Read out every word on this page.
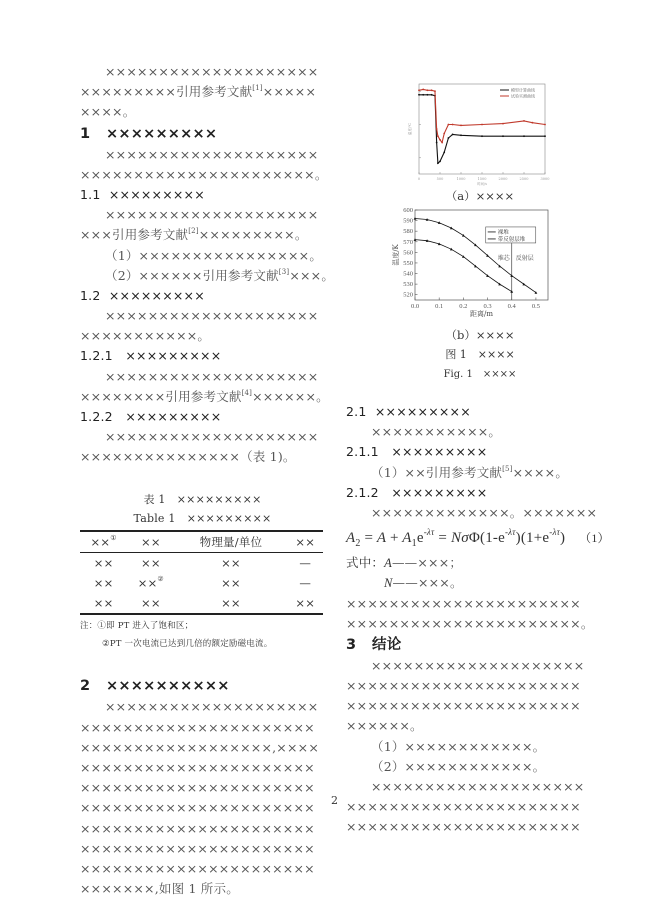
××××××××××××××××××××
×××××××××引用参考文献[1]×××××
××××。
1 ×××××××××
××××××××××××××××××××
××××××××××××××××××××××。
1.1 ×××××××××
××××××××××××××××××××
×××引用参考文献[2]×××××××××。
（1）××××××××××××××××。
（2）××××××引用参考文献[3]×××。
1.2 ×××××××××
××××××××××××××××××××
×××××××××××。
1.2.1 ×××××××××
××××××××××××××××××××
××××××××引用参考文献[4]××××××。
1.2.2 ×××××××××
××××××××××××××××××××
×××××××××××××××（表 1)。
表 1　×××××××××
Table 1　×××××××××
××①	××	物理量/单位	××
××	××	××	—
××	××②	××	—
××	××	××	××
注：①即 PT 进入了饱和区；
②PT 一次电流已达到几倍的额定励磁电流。
2 ××××××××××
××××××××××××××××××××
××××××××××××××××××××××
××××××××××××××××××,××××
××××××××××××××××××××××
××××××××××××××××××××××
××××××××××××××××××××××
××××××××××××××××××××××
××××××××××××××××××××××
××××××××××××××××××××××
×××××××,如图 1 所示。
0	500	1000	1500	2000	2500	3000
时间/s
温度/℃
模型计算曲线
试验实测曲线
（a）××××
0.0 0.1 0.2 0.3 0.4 0.5
520
530
540
550
560
570
580
590
600
距离/m
温度/K	堆芯 反射层
裸堆
带反射层堆
（b）××××
图 1　××××
Fig. 1　××××
2.1 ×××××××××
×××××××××××。
2.1.1 ×××××××××
（1）××引用参考文献[5]××××。
2.1.2 ×××××××××
×××××××××××××。×××××××
$A_2 = A + A_1e^{-\lambda\tau} = N\sigma\Phi(1-e^{-\lambda\tau})(1+e^{-\lambda\tau})$ （1）
式中：A——×××；
N——×××。
××××××××××××××××××××××
××××××××××××××××××××××。
3 结论
××××××××××××××××××××
××××××××××××××××××××××
××××××××××××××××××××××
××××××。
（1）××××××××××××。
（2）××××××××××××。
××××××××××××××××××××
××××××××××××××××××××××
××××××××××××××××××××××
2
